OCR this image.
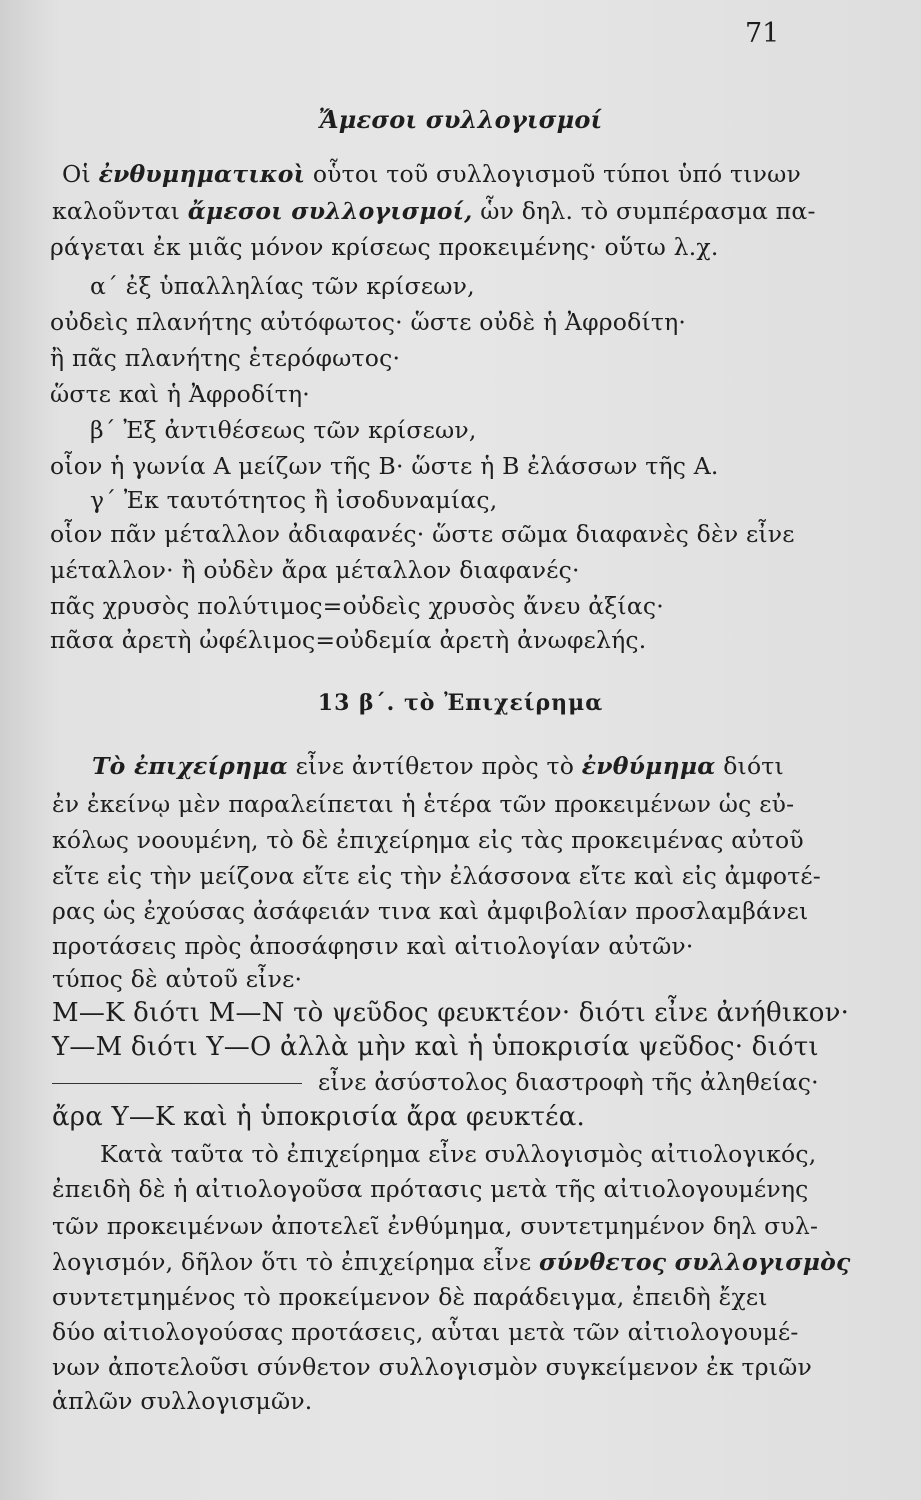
71
Ἄμεσοι συλλογισμοί
Οἱ ἐνθυμηματικοὶ οὗτοι τοῦ συλλογισμοῦ τύποι ὑπό τινων
καλοῦνται ἄμεσοι συλλογισμοί, ὧν δηλ. τὸ συμπέρασμα πα-
ράγεται ἐκ μιᾶς μόνον κρίσεως προκειμένης· οὕτω λ.χ.
α΄ ἐξ ὑπαλληλίας τῶν κρίσεων,
οὐδεὶς πλανήτης αὐτόφωτος· ὥστε οὐδὲ ἡ Ἀφροδίτη·
ἢ πᾶς πλανήτης ἑτερόφωτος·
ὥστε καὶ ἡ Ἀφροδίτη·
β΄ Ἐξ ἀντιθέσεως τῶν κρίσεων,
οἷον ἡ γωνία Α μείζων τῆς Β· ὥστε ἡ Β ἐλάσσων τῆς Α.
γ΄ Ἐκ ταυτότητος ἢ ἰσοδυναμίας,
οἷον πᾶν μέταλλον ἀδιαφανές· ὥστε σῶμα διαφανὲς δὲν εἶνε
μέταλλον· ἢ οὐδὲν ἄρα μέταλλον διαφανές·
πᾶς χρυσὸς πολύτιμος=οὐδεὶς χρυσὸς ἄνευ ἀξίας·
πᾶσα ἀρετὴ ὠφέλιμος=οὐδεμία ἀρετὴ ἀνωφελής.
13 β΄. τὸ Ἐπιχείρημα
Τὸ ἐπιχείρημα εἶνε ἀντίθετον πρὸς τὸ ἐνθύμημα διότι
ἐν ἐκείνῳ μὲν παραλείπεται ἡ ἑτέρα τῶν προκειμένων ὡς εὐ-
κόλως νοουμένη, τὸ δὲ ἐπιχείρημα εἰς τὰς προκειμένας αὐτοῦ
εἴτε εἰς τὴν μείζονα εἴτε εἰς τὴν ἐλάσσονα εἴτε καὶ εἰς ἀμφοτέ-
ρας ὡς ἐχούσας ἀσάφειάν τινα καὶ ἀμφιβολίαν προσλαμβάνει
προτάσεις πρὸς ἀποσάφησιν καὶ αἰτιολογίαν αὐτῶν·
τύπος δὲ αὐτοῦ εἶνε·
Μ—Κ διότι Μ—Ν τὸ ψεῦδος φευκτέον· διότι εἶνε ἀνήθικον·
Υ—Μ διότι Υ—Ο ἀλλὰ μὴν καὶ ἡ ὑποκρισία ψεῦδος· διότι
εἶνε ἀσύστολος διαστροφὴ τῆς ἀληθείας·
ἄρα Υ—Κ καὶ ἡ ὑποκρισία ἄρα φευκτέα.
Κατὰ ταῦτα τὸ ἐπιχείρημα εἶνε συλλογισμὸς αἰτιολογικός,
ἐπειδὴ δὲ ἡ αἰτιολογοῦσα πρότασις μετὰ τῆς αἰτιολογουμένης
τῶν προκειμένων ἀποτελεῖ ἐνθύμημα, συντετμημένον δηλ συλ-
λογισμόν, δῆλον ὅτι τὸ ἐπιχείρημα εἶνε σύνθετος συλλογισμὸς
συντετμημένος τὸ προκείμενον δὲ παράδειγμα, ἐπειδὴ ἔχει
δύο αἰτιολογούσας προτάσεις, αὗται μετὰ τῶν αἰτιολογουμέ-
νων ἀποτελοῦσι σύνθετον συλλογισμὸν συγκείμενον ἐκ τριῶν
ἁπλῶν συλλογισμῶν.
